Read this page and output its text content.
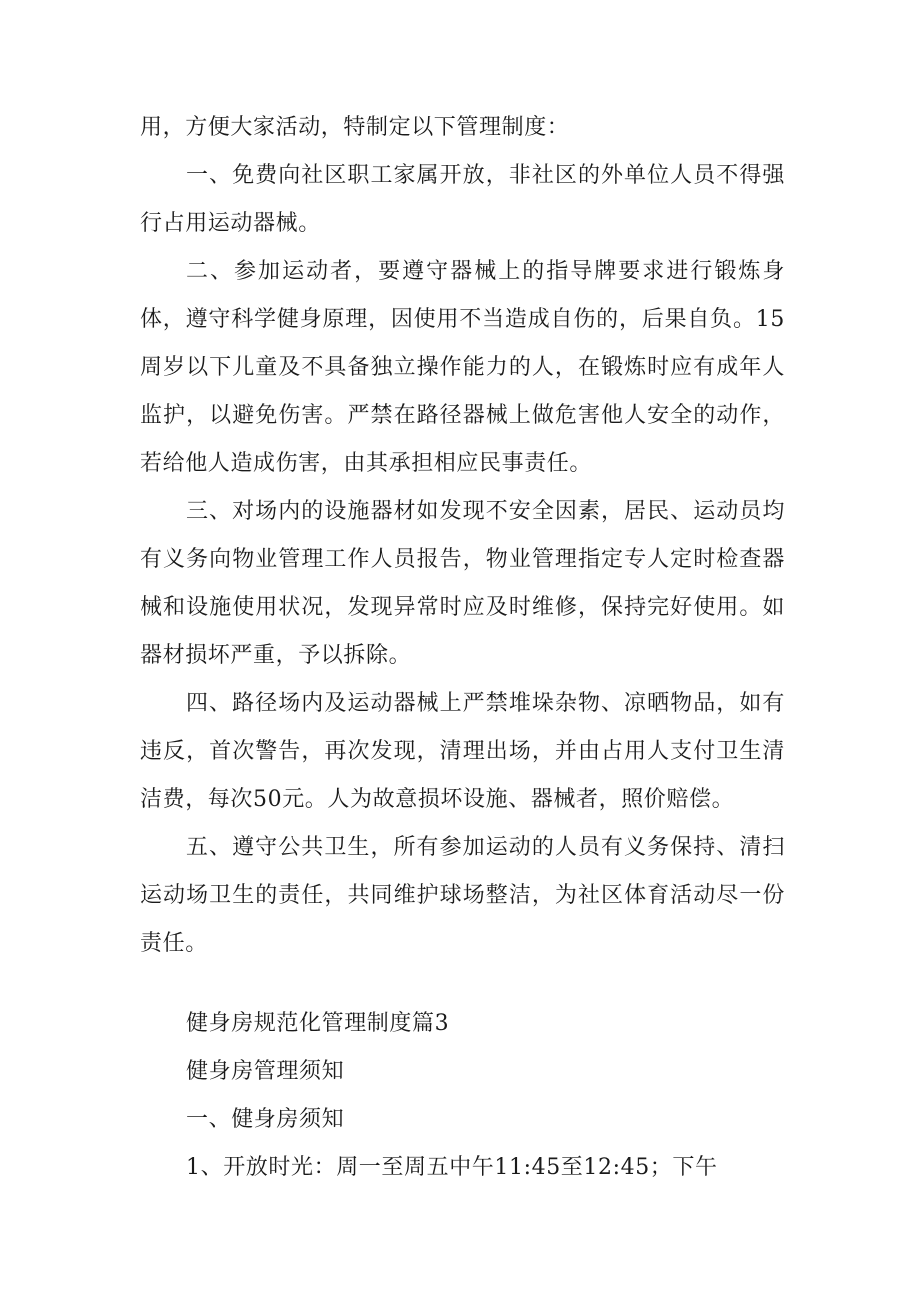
用，方便大家活动，特制定以下管理制度：

一、免费向社区职工家属开放，非社区的外单位人员不得强行占用运动器械。

二、参加运动者，要遵守器械上的指导牌要求进行锻炼身体，遵守科学健身原理，因使用不当造成自伤的，后果自负。15周岁以下儿童及不具备独立操作能力的人，在锻炼时应有成年人监护，以避免伤害。严禁在路径器械上做危害他人安全的动作，若给他人造成伤害，由其承担相应民事责任。

三、对场内的设施器材如发现不安全因素，居民、运动员均有义务向物业管理工作人员报告，物业管理指定专人定时检查器械和设施使用状况，发现异常时应及时维修，保持完好使用。如器材损坏严重，予以拆除。

四、路径场内及运动器械上严禁堆垛杂物、凉晒物品，如有违反，首次警告，再次发现，清理出场，并由占用人支付卫生清洁费，每次50元。人为故意损坏设施、器械者，照价赔偿。

五、遵守公共卫生，所有参加运动的人员有义务保持、清扫运动场卫生的责任，共同维护球场整洁，为社区体育活动尽一份责任。

健身房规范化管理制度篇3
健身房管理须知
一、健身房须知
1、开放时光：周一至周五中午11:45至12:45；下午
